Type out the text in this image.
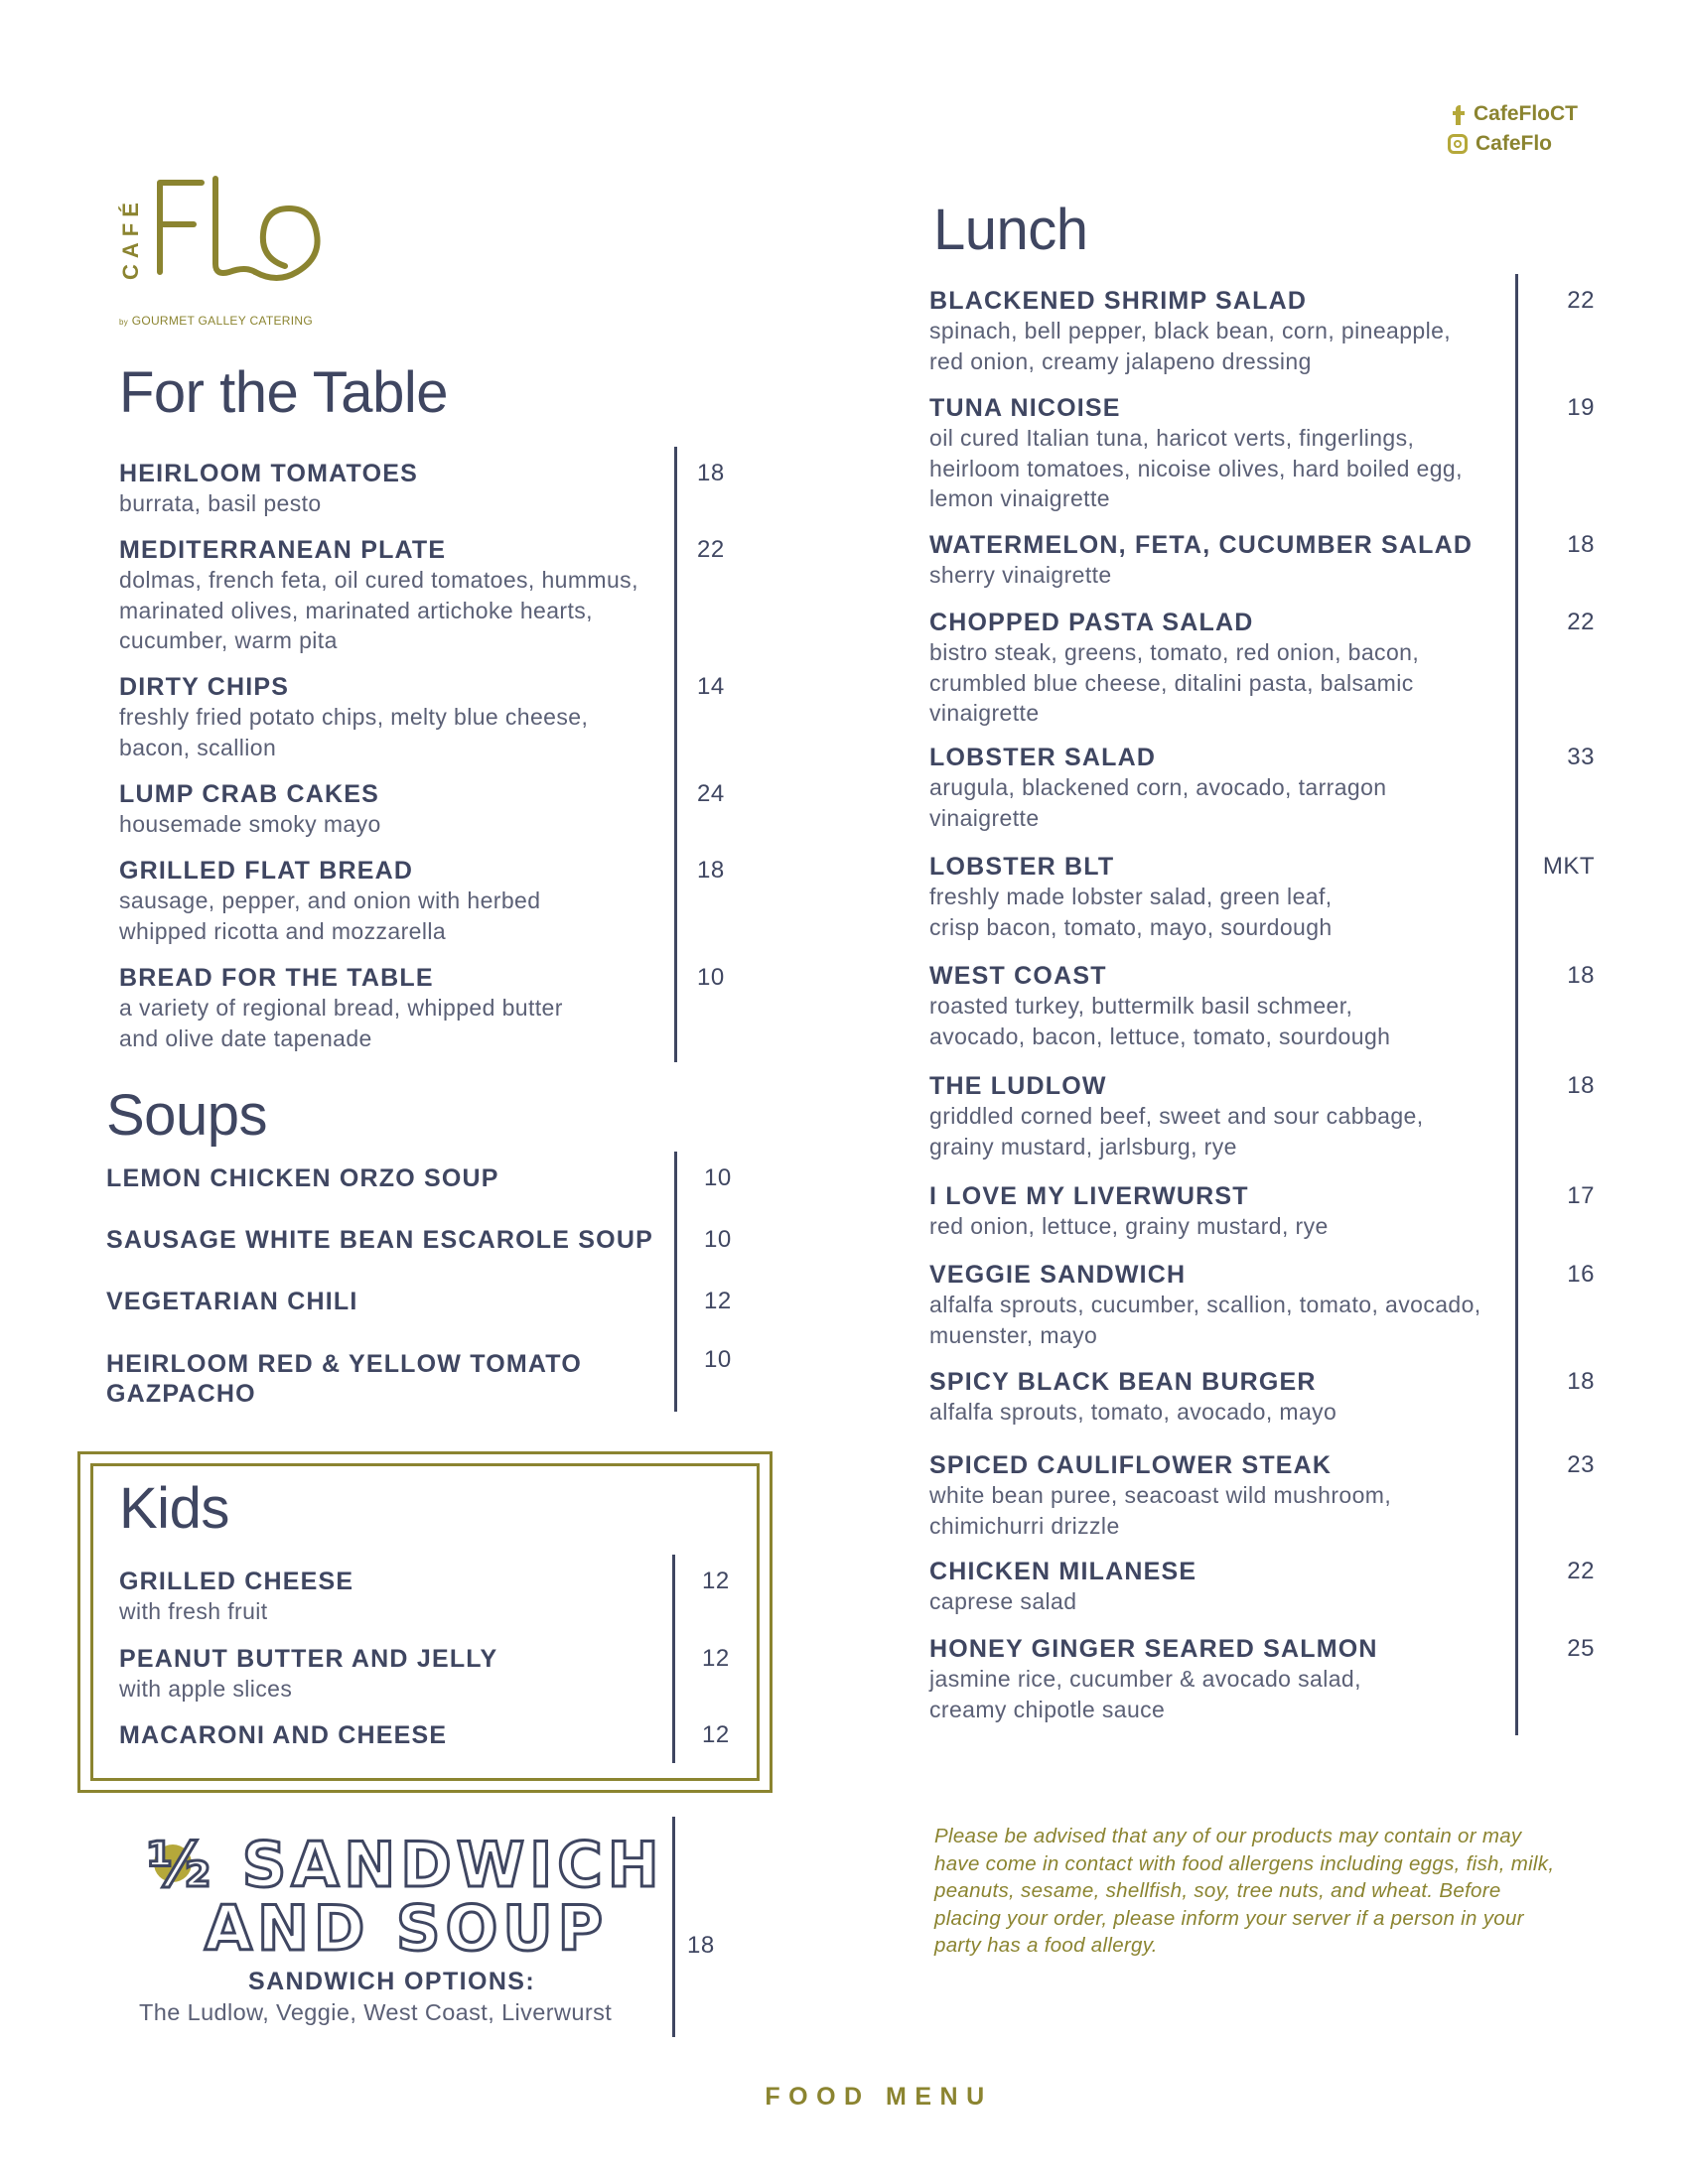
CafeFloCT
CafeFlo
CAFÉ
by GOURMET GALLEY CATERING
For the Table
HEIRLOOM TOMATOES
burrata, basil pesto
18
MEDITERRANEAN PLATE
dolmas, french feta, oil cured tomatoes, hummus,
marinated olives, marinated artichoke hearts,
cucumber, warm pita
22
DIRTY CHIPS
freshly fried potato chips, melty blue cheese,
bacon, scallion
14
LUMP CRAB CAKES
housemade smoky mayo
24
GRILLED FLAT BREAD
sausage, pepper, and onion with herbed
whipped ricotta and mozzarella
18
BREAD FOR THE TABLE
a variety of regional bread, whipped butter
and olive date tapenade
10
Soups
LEMON CHICKEN ORZO SOUP	10
SAUSAGE WHITE BEAN ESCAROLE SOUP 10
VEGETARIAN CHILI	12
HEIRLOOM RED & YELLOW TOMATO
GAZPACHO
10
Kids
GRILLED CHEESE
with fresh fruit
12
PEANUT BUTTER AND JELLY
with apple slices
12
MACARONI AND CHEESE	12
½ SANDWICH
AND SOUP
SANDWICH OPTIONS:
The Ludlow, Veggie, West Coast, Liverwurst
18
Lunch
BLACKENED SHRIMP SALAD
spinach, bell pepper, black bean, corn, pineapple,
red onion, creamy jalapeno dressing
22
TUNA NICOISE
oil cured Italian tuna, haricot verts, fingerlings,
heirloom tomatoes, nicoise olives, hard boiled egg,
lemon vinaigrette
19
WATERMELON, FETA, CUCUMBER SALAD
sherry vinaigrette
18
CHOPPED PASTA SALAD
bistro steak, greens, tomato, red onion, bacon,
crumbled blue cheese, ditalini pasta, balsamic
vinaigrette
22
LOBSTER SALAD
arugula, blackened corn, avocado, tarragon
vinaigrette
33
LOBSTER BLT
freshly made lobster salad, green leaf,
crisp bacon, tomato, mayo, sourdough
MKT
WEST COAST
roasted turkey, buttermilk basil schmeer,
avocado, bacon, lettuce, tomato, sourdough
18
THE LUDLOW
griddled corned beef, sweet and sour cabbage,
grainy mustard, jarlsburg, rye
18
I LOVE MY LIVERWURST
red onion, lettuce, grainy mustard, rye
17
VEGGIE SANDWICH
alfalfa sprouts, cucumber, scallion, tomato, avocado,
muenster, mayo
16
SPICY BLACK BEAN BURGER
alfalfa sprouts, tomato, avocado, mayo
18
SPICED CAULIFLOWER STEAK
white bean puree, seacoast wild mushroom,
chimichurri drizzle
23
CHICKEN MILANESE
caprese salad
22
HONEY GINGER SEARED SALMON
jasmine rice, cucumber & avocado salad,
creamy chipotle sauce
25
Please be advised that any of our products may contain or may have come in contact with food allergens including eggs, fish, milk, peanuts, sesame, shellfish, soy, tree nuts, and wheat. Before placing your order, please inform your server if a person in your party has a food allergy.
FOOD MENU
